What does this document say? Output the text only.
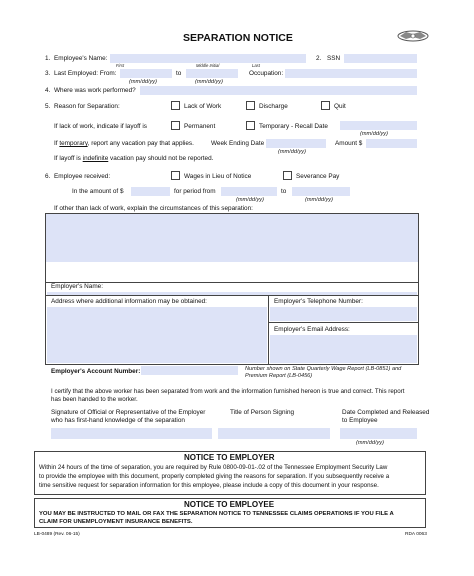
SEPARATION NOTICE
1. Employee's Name:
First	Middle Initial	Last
2. SSN
3. Last Employed: From:	to
(mm/dd/yy)	(mm/dd/yy)
Occupation:
4. Where was work performed?
5. Reason for Separation:	Lack of Work	Discharge	Quit
If lack of work, indicate if layoff is	Permanent	Temporary - Recall Date
(mm/dd/yy)
If temporary, report any vacation pay that applies.	Week Ending Date
(mm/dd/yy)
Amount $
If layoff is indefinite vacation pay should not be reported.
6. Employee received:	Wages in Lieu of Notice	Severance Pay
In the amount of $	for period from	to
(mm/dd/yy)	(mm/dd/yy)
If other than lack of work, explain the circumstances of this separation:
Employer's Name:
Address where additional information may be obtained:	Employer's Telephone Number:
Employer's Email Address:
Employer's Account Number:	Number shown on State Quarterly Wage Report (LB-0851) and
Premium Report (LB-0456)
I certify that the above worker has been separated from work and the information furnished hereon is true and correct. This report
has been handed to the worker.
Signature of Official or Representative of the Employer
who has first-hand knowledge of the separation
Title of Person Signing	Date Completed and Released
to Employee
(mm/dd/yy)
NOTICE TO EMPLOYER
Within 24 hours of the time of separation, you are required by Rule 0800-09-01-.02 of the Tennessee Employment Security Law
to provide the employee with this document, properly completed giving the reasons for separation. If you subsequently receive a
time sensitive request for separation information for this employee, please include a copy of this document in your response.
NOTICE TO EMPLOYEE
YOU MAY BE INSTRUCTED TO MAIL OR FAX THE SEPARATION NOTICE TO TENNESSEE CLAIMS OPERATIONS IF YOU FILE A
CLAIM FOR UNEMPLOYMENT INSURANCE BENEFITS.
LB-0489 (Rev. 06-15)	RDA 0063
